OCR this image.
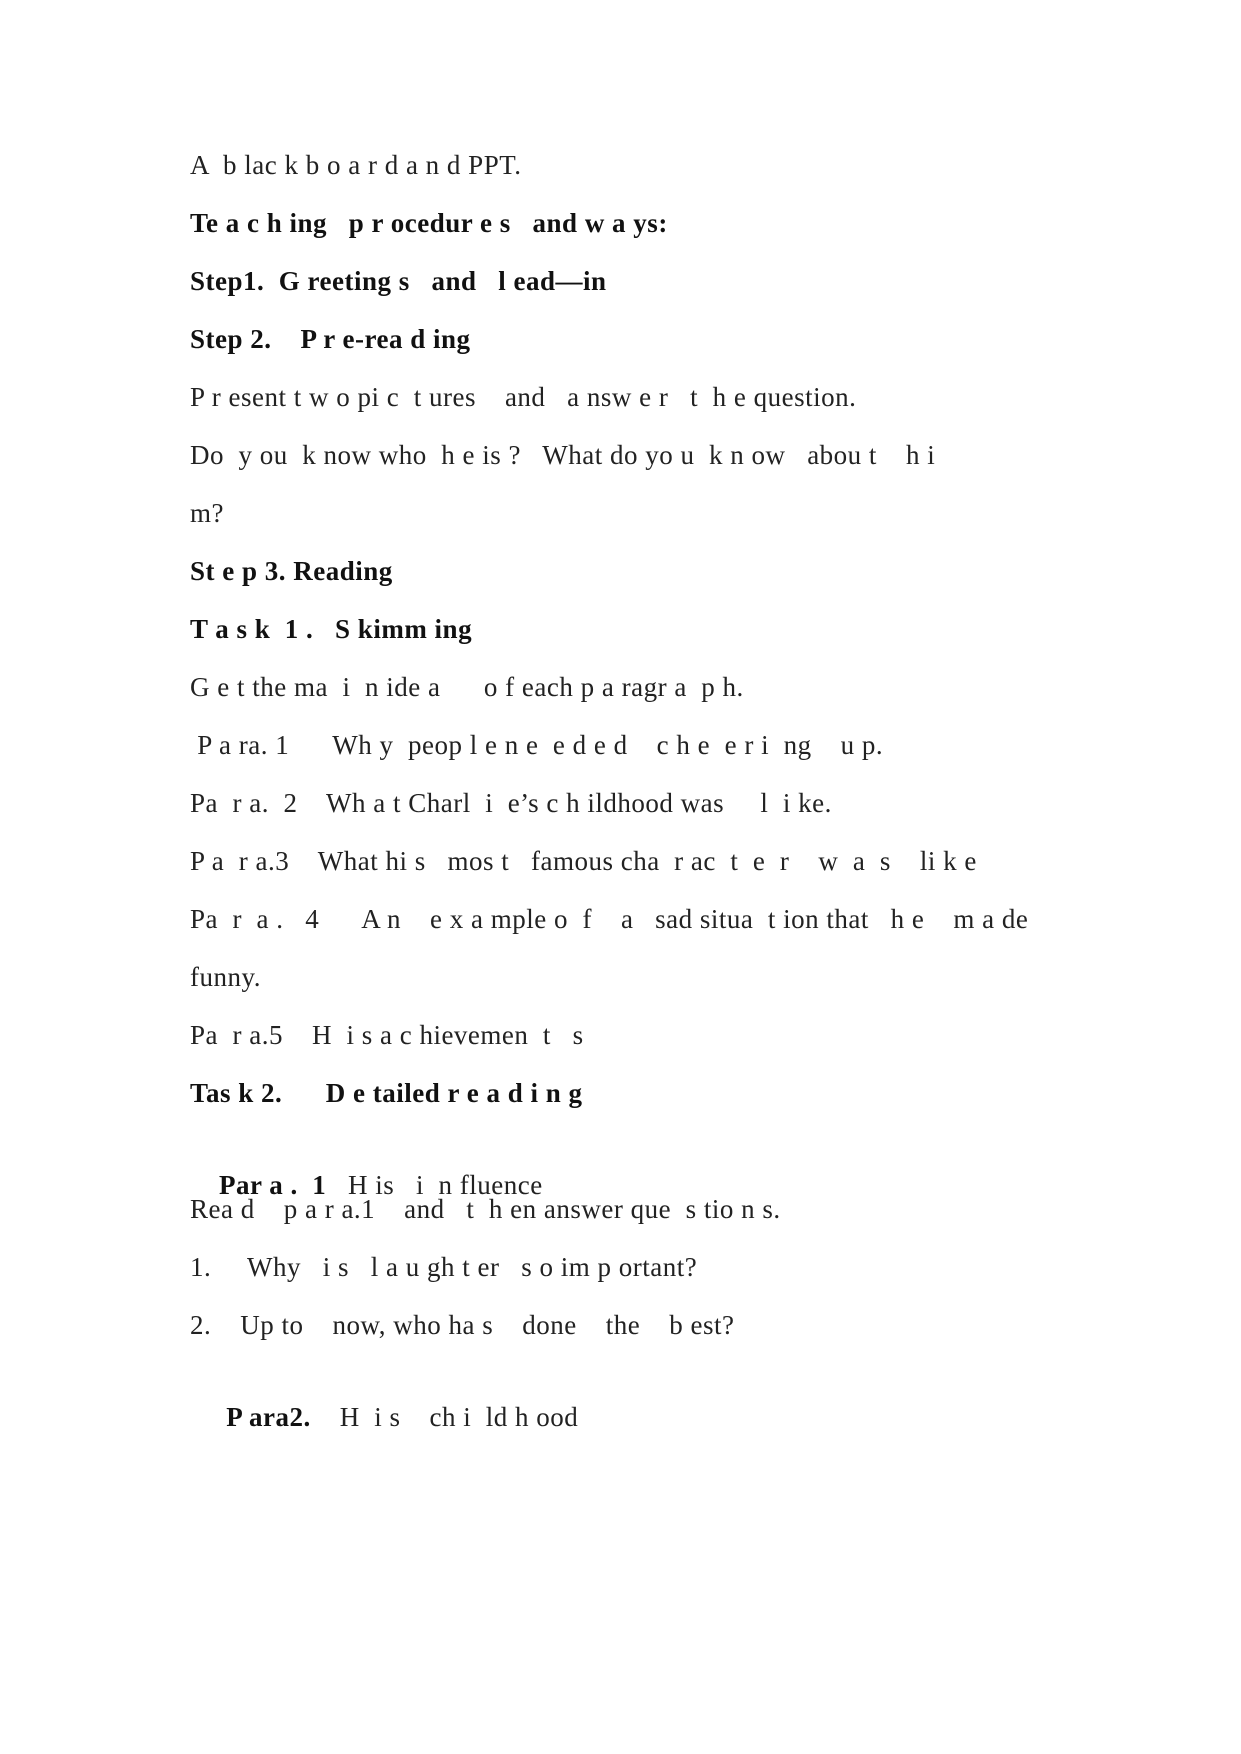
A  b lac k b o a r d a n d PPT.
Te a c h ing   p r ocedur e s   and w a ys:
Step1.  G reeting s   and   l ead—in
Step 2.    P r e-rea d ing
P r esent t w o pi c  t ures    and   a nsw e r   t  h e question.
Do  y ou  k now who  h e is ?   What do yo u  k n ow   abou t    h i
m?
St e p 3. Reading
T a s k  1 .   S kimm ing
G e t the ma  i  n ide a      o f each p a ragr a  p h.
P a ra. 1      Wh y  peop l e n e  e d e d    c h e  e r i  ng    u p.
Pa  r a.  2    Wh a t Charl  i  e’s c h ildhood was     l  i ke.
P a  r a.3    What hi s   mos t   famous cha  r ac  t  e  r    w  a  s    li k e
Pa  r  a .   4      A n    e x a mple o  f    a   sad situa  t ion that   h e    m a de
funny.
Pa  r a.5    H  i s a c hievemen  t   s
Tas k 2.      D e tailed r e a d i n g

Par a .  1   H is   i  n fluence

Rea d    p a r a.1    and   t  h en answer que  s tio n s.
1.     Why   i s   l a u gh t er   s o im p ortant?
2.    Up to    now, who ha s    done    the    b est?

P ara2.    H  i s    ch i  ld h ood
